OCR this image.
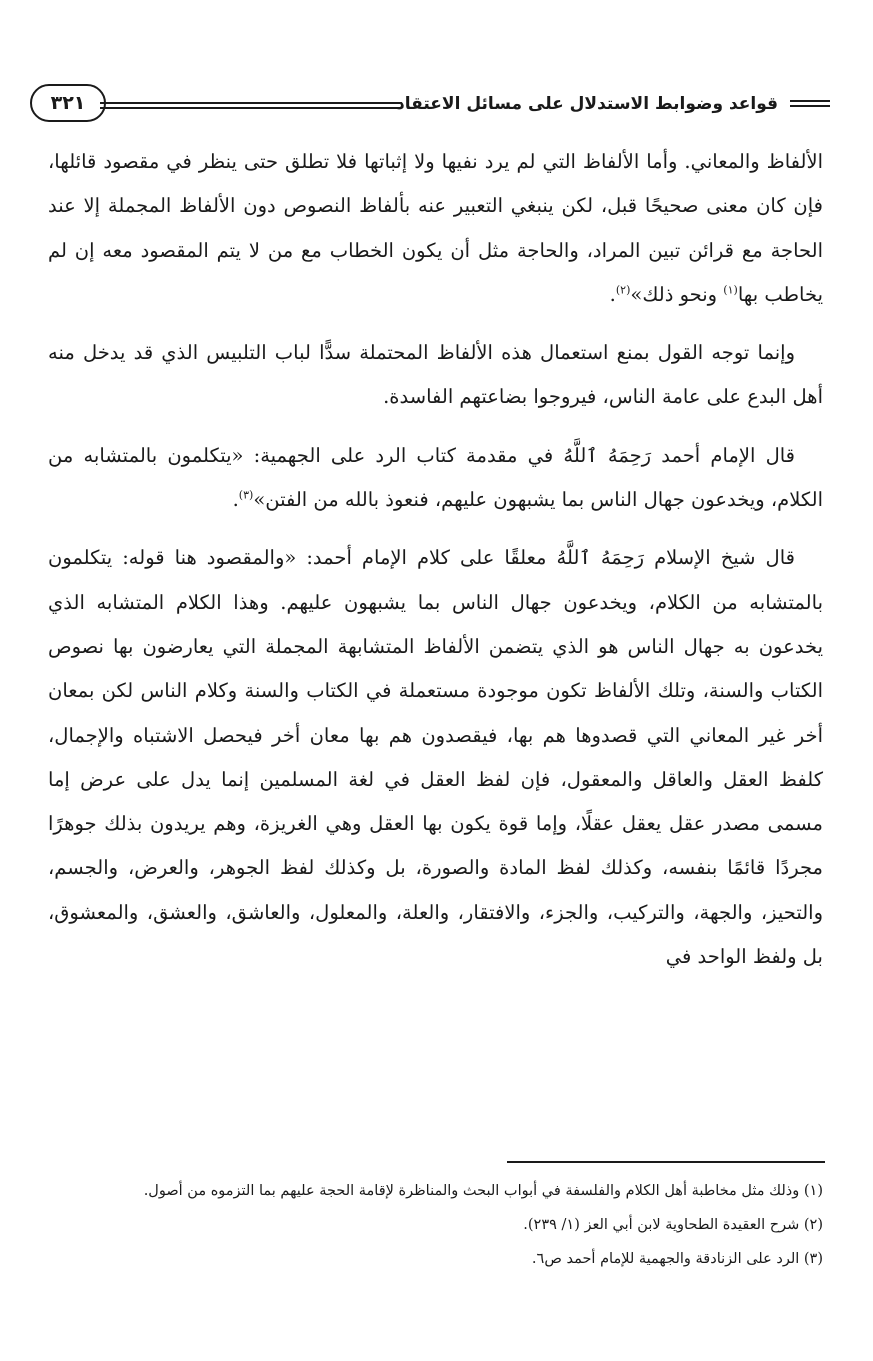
قواعد وضوابط الاستدلال على مسائل الاعتقاد
٣٢١

الألفاظ والمعاني. وأما الألفاظ التي لم يرد نفيها ولا إثباتها فلا تطلق حتى ينظر في مقصود قائلها، فإن كان معنى صحيحًا قبل، لكن ينبغي التعبير عنه بألفاظ النصوص دون الألفاظ المجملة إلا عند الحاجة مع قرائن تبين المراد، والحاجة مثل أن يكون الخطاب مع من لا يتم المقصود معه إن لم يخاطب بها$^{(١)}$ ونحو ذلك»$^{(٢)}$.

وإنما توجه القول بمنع استعمال هذه الألفاظ المحتملة سدًّا لباب التلبيس الذي قد يدخل منه أهل البدع على عامة الناس، فيروجوا بضاعتهم الفاسدة.

قال الإمام أحمد رَحِمَهُ ٱللَّهُ في مقدمة كتاب الرد على الجهمية: «يتكلمون بالمتشابه من الكلام، ويخدعون جهال الناس بما يشبهون عليهم، فنعوذ بالله من الفتن»$^{(٣)}$.

قال شيخ الإسلام رَحِمَهُ ٱللَّهُ معلقًا على كلام الإمام أحمد: «والمقصود هنا قوله: يتكلمون بالمتشابه من الكلام، ويخدعون جهال الناس بما يشبهون عليهم. وهذا الكلام المتشابه الذي يخدعون به جهال الناس هو الذي يتضمن الألفاظ المتشابهة المجملة التي يعارضون بها نصوص الكتاب والسنة، وتلك الألفاظ تكون موجودة مستعملة في الكتاب والسنة وكلام الناس لكن بمعان أخر غير المعاني التي قصدوها هم بها، فيقصدون هم بها معان أخر فيحصل الاشتباه والإجمال، كلفظ العقل والعاقل والمعقول، فإن لفظ العقل في لغة المسلمين إنما يدل على عرض إما مسمى مصدر عقل يعقل عقلًا، وإما قوة يكون بها العقل وهي الغريزة، وهم يريدون بذلك جوهرًا مجردًا قائمًا بنفسه، وكذلك لفظ المادة والصورة، بل وكذلك لفظ الجوهر، والعرض، والجسم، والتحيز، والجهة، والتركيب، والجزء، والافتقار، والعلة، والمعلول، والعاشق، والعشق، والمعشوق، بل ولفظ الواحد في

(١) وذلك مثل مخاطبة أهل الكلام والفلسفة في أبواب البحث والمناظرة لإقامة الحجة عليهم بما التزموه من أصول.

(٢) شرح العقيدة الطحاوية لابن أبي العز (١/ ٢٣٩).

(٣) الرد على الزنادقة والجهمية للإمام أحمد ص٦.
